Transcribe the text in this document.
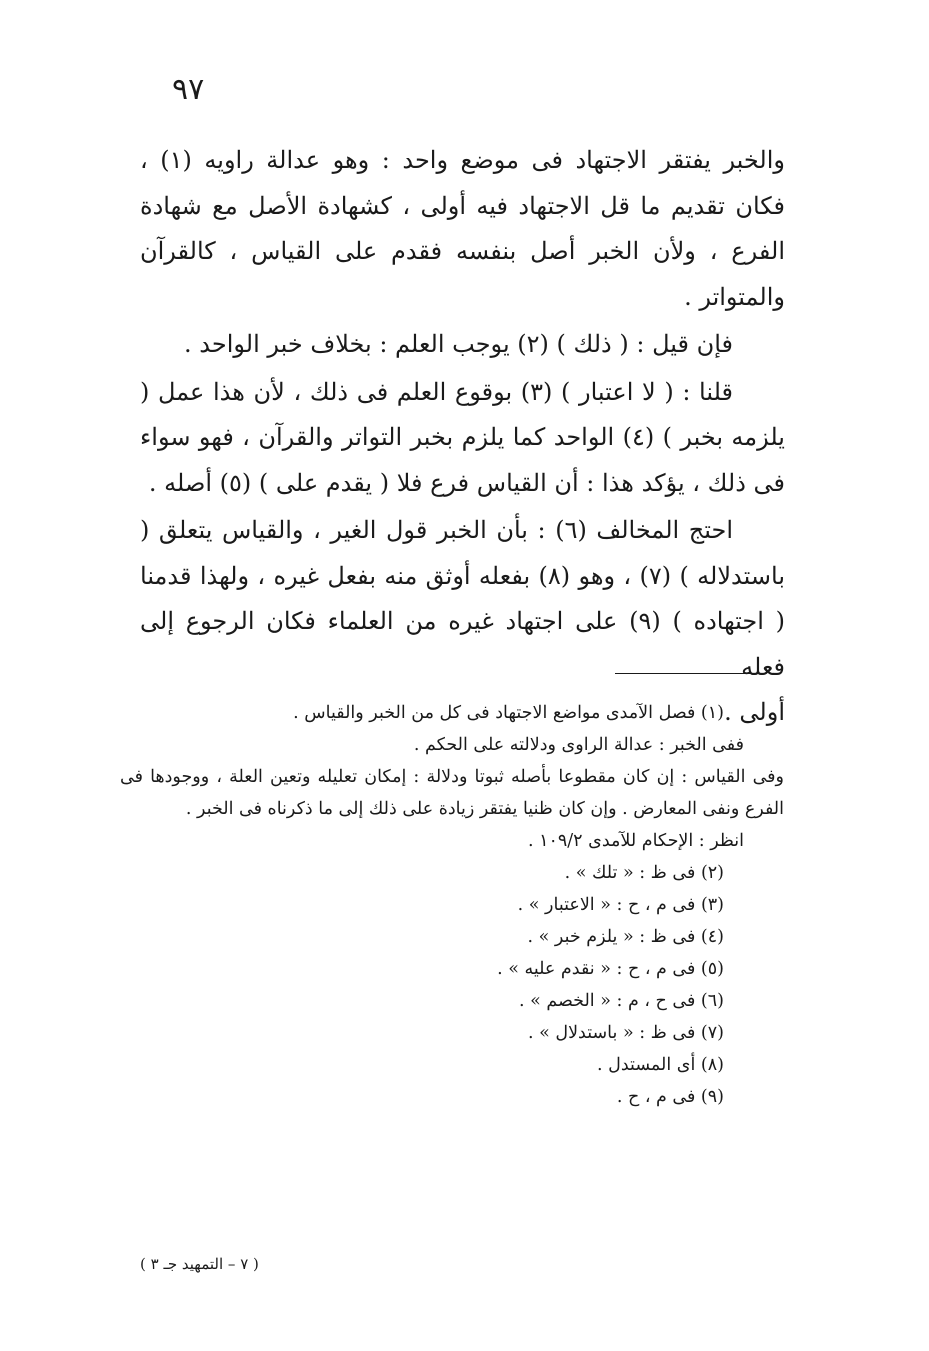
٩٧

والخبر يفتقر الاجتهاد فى موضع واحد : وهو عدالة راويه (١) ، فكان تقديم ما قل الاجتهاد فيه أولى ، كشهادة الأصل مع شهادة الفرع ، ولأن الخبر أصل بنفسه فقدم على القياس ، كالقرآن والمتواتر .

فإن قيل : ( ذلك ) (٢) يوجب العلم : بخلاف خبر الواحد .

قلنا : ( لا اعتبار ) (٣) بوقوع العلم فى ذلك ، لأن هذا عمل ( يلزمه بخبر ) (٤) الواحد كما يلزم بخبر التواتر والقرآن ، فهو سواء فى ذلك ، يؤكد هذا : أن القياس فرع فلا ( يقدم على ) (٥) أصله .

احتج المخالف (٦) : بأن الخبر قول الغير ، والقياس يتعلق ( باستدلاله ) (٧) ، وهو (٨) بفعله أوثق منه بفعل غيره ، ولهذا قدمنا ( اجتهاده ) (٩) على اجتهاد غيره من العلماء فكان الرجوع إلى فعله

أولى .

(١) فصل الآمدى مواضع الاجتهاد فى كل من الخبر والقياس .

ففى الخبر : عدالة الراوى ودلالته على الحكم .

وفى القياس : إن كان مقطوعا بأصله ثبوتا ودلالة : إمكان تعليله وتعين العلة ، ووجودها فى الفرع ونفى المعارض . وإن كان ظنيا يفتقر زيادة على ذلك إلى ما ذكرناه فى الخبر .

انظر : الإحكام للآمدى ١٠٩/٢ .

(٢) فى ظ : « تلك » .

(٣) فى م ، ح : « الاعتبار » .

(٤) فى ظ : « يلزم خبر » .

(٥) فى م ، ح : « نقدم عليه » .

(٦) فى ح ، م : « الخصم » .

(٧) فى ظ : « باستدلال » .

(٨) أى المستدل .

(٩) فى م ، ح .

( ٧ – التمهيد جـ ٣ )
